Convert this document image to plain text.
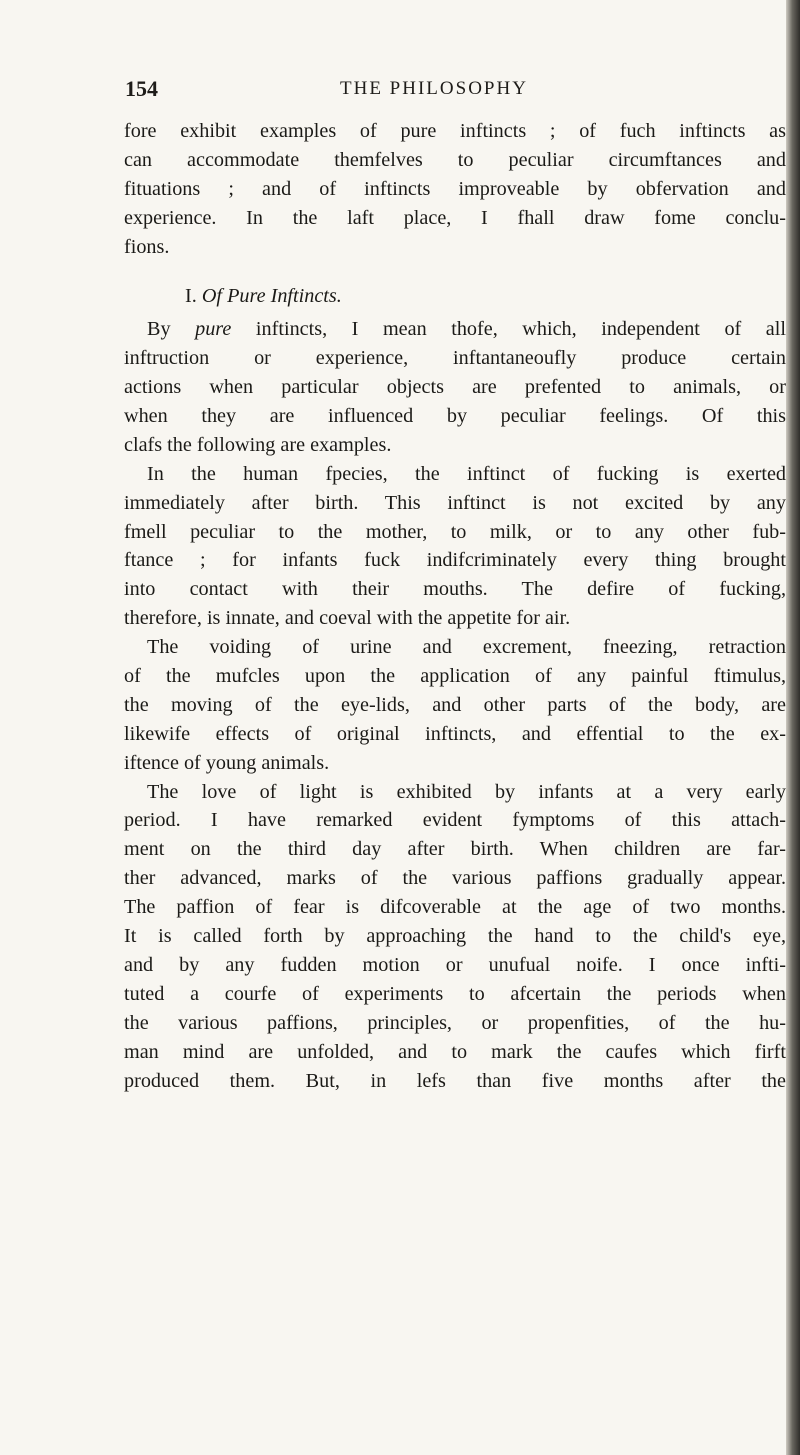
154	THE PHILOSOPHY
fore exhibit examples of pure inftincts ; of fuch inftincts as
can accommodate themfelves to peculiar circumftances and
fituations ; and of inftincts improveable by obfervation and
experience. In the laft place, I fhall draw fome conclu-
fions.
I. Of Pure Inftincts.
By pure inftincts, I mean thofe, which, independent of all
inftruction or experience, inftantaneoufly produce certain
actions when particular objects are prefented to animals, or
when they are influenced by peculiar feelings. Of this
clafs the following are examples.
In the human fpecies, the inftinct of fucking is exerted
immediately after birth. This inftinct is not excited by any
fmell peculiar to the mother, to milk, or to any other fub-
ftance ; for infants fuck indifcriminately every thing brought
into contact with their mouths. The defire of fucking,
therefore, is innate, and coeval with the appetite for air.
The voiding of urine and excrement, fneezing, retraction
of the mufcles upon the application of any painful ftimulus,
the moving of the eye-lids, and other parts of the body, are
likewife effects of original inftincts, and effential to the ex-
iftence of young animals.
The love of light is exhibited by infants at a very early
period. I have remarked evident fymptoms of this attach-
ment on the third day after birth. When children are far-
ther advanced, marks of the various paffions gradually appear.
The paffion of fear is difcoverable at the age of two months.
It is called forth by approaching the hand to the child's eye,
and by any fudden motion or unufual noife. I once infti-
tuted a courfe of experiments to afcertain the periods when
the various paffions, principles, or propenfities, of the hu-
man mind are unfolded, and to mark the caufes which firft
produced them. But, in lefs than five months after the
